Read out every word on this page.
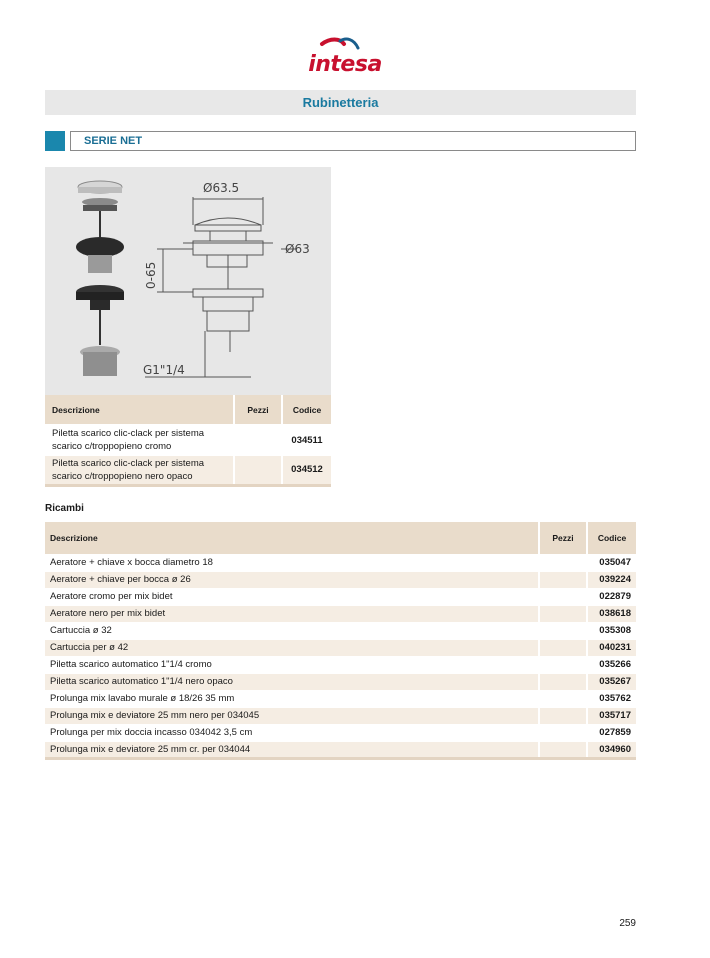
intesa
Rubinetteria
SERIE NET
Ø63.5
Ø63
0-65
G1"1/4
Descrizione	Pezzi	Codice
Piletta scarico clic-clack per sistema
scarico c/troppopieno cromo		034511
Piletta scarico clic-clack per sistema
scarico c/troppopieno nero opaco		034512
Ricambi
Descrizione	Pezzi	Codice
Aeratore + chiave x bocca diametro 18		035047
Aeratore + chiave per bocca ø 26		039224
Aeratore cromo per mix bidet		022879
Aeratore nero per mix bidet		038618
Cartuccia ø 32		035308
Cartuccia per ø 42		040231
Piletta scarico automatico 1"1/4 cromo		035266
Piletta scarico automatico 1"1/4 nero opaco		035267
Prolunga mix lavabo murale ø 18/26 35 mm		035762
Prolunga mix e deviatore 25 mm nero per 034045		035717
Prolunga per mix doccia incasso 034042 3,5 cm		027859
Prolunga mix e deviatore 25 mm cr. per 034044		034960
259
